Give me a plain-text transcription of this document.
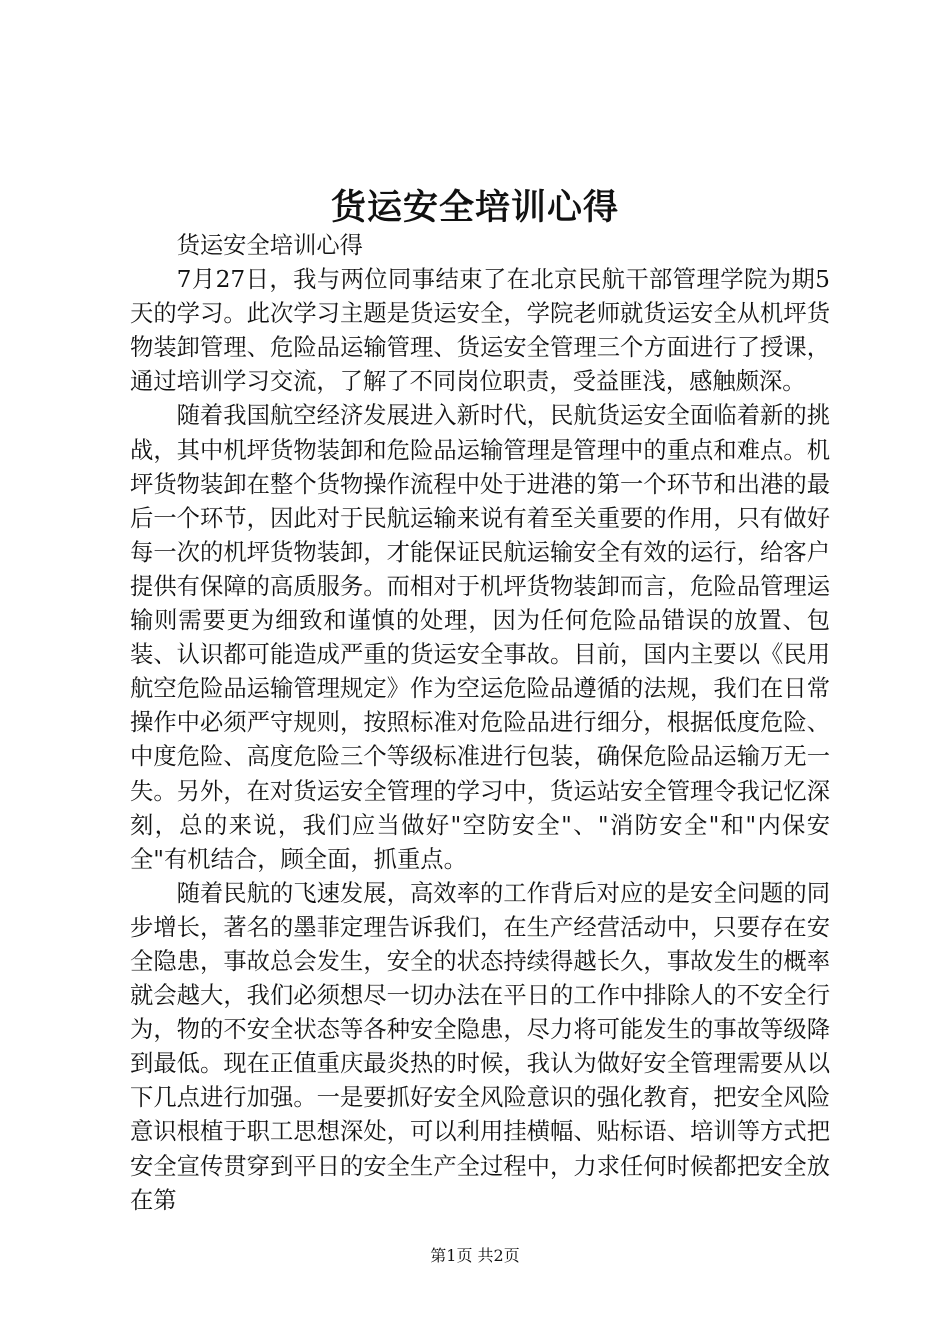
货运安全培训心得

货运安全培训心得

7月27日，我与两位同事结束了在北京民航干部管理学院为期5天的学习。此次学习主题是货运安全，学院老师就货运安全从机坪货物装卸管理、危险品运输管理、货运安全管理三个方面进行了授课，通过培训学习交流，了解了不同岗位职责，受益匪浅，感触颇深。

随着我国航空经济发展进入新时代，民航货运安全面临着新的挑战，其中机坪货物装卸和危险品运输管理是管理中的重点和难点。机坪货物装卸在整个货物操作流程中处于进港的第一个环节和出港的最后一个环节，因此对于民航运输来说有着至关重要的作用，只有做好每一次的机坪货物装卸，才能保证民航运输安全有效的运行，给客户提供有保障的高质服务。而相对于机坪货物装卸而言，危险品管理运输则需要更为细致和谨慎的处理，因为任何危险品错误的放置、包装、认识都可能造成严重的货运安全事故。目前，国内主要以《民用航空危险品运输管理规定》作为空运危险品遵循的法规，我们在日常操作中必须严守规则，按照标准对危险品进行细分，根据低度危险、中度危险、高度危险三个等级标准进行包装，确保危险品运输万无一失。另外，在对货运安全管理的学习中，货运站安全管理令我记忆深刻，总的来说，我们应当做好"空防安全"、"消防安全"和"内保安全"有机结合，顾全面，抓重点。

随着民航的飞速发展，高效率的工作背后对应的是安全问题的同步增长，著名的墨菲定理告诉我们，在生产经营活动中，只要存在安全隐患，事故总会发生，安全的状态持续得越长久，事故发生的概率就会越大，我们必须想尽一切办法在平日的工作中排除人的不安全行为，物的不安全状态等各种安全隐患，尽力将可能发生的事故等级降到最低。现在正值重庆最炎热的时候，我认为做好安全管理需要从以下几点进行加强。一是要抓好安全风险意识的强化教育，把安全风险意识根植于职工思想深处，可以利用挂横幅、贴标语、培训等方式把安全宣传贯穿到平日的安全生产全过程中，力求任何时候都把安全放在第

第1页 共2页
